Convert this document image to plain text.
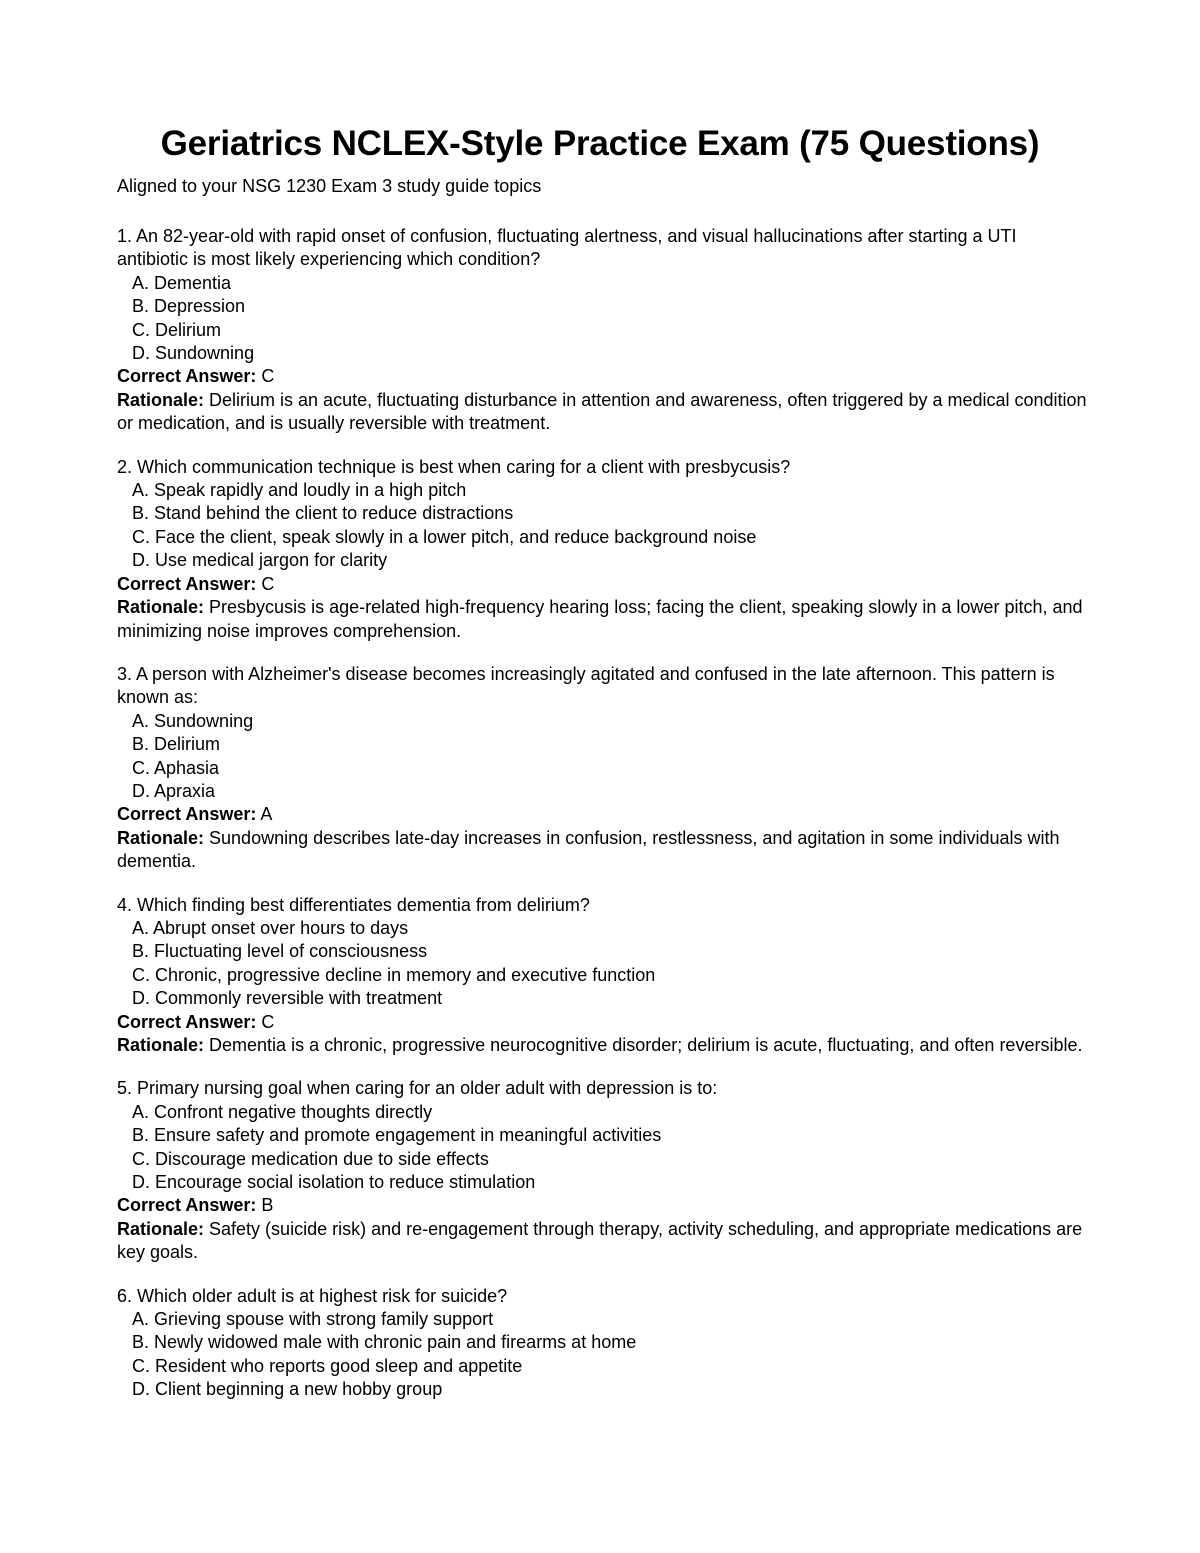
Geriatrics NCLEX-Style Practice Exam (75 Questions)
Aligned to your NSG 1230 Exam 3 study guide topics

1. An 82-year-old with rapid onset of confusion, fluctuating alertness, and visual hallucinations after starting a UTI antibiotic is most likely experiencing which condition?

A. Dementia

B. Depression

C. Delirium

D. Sundowning

Correct Answer: C

Rationale: Delirium is an acute, fluctuating disturbance in attention and awareness, often triggered by a medical condition or medication, and is usually reversible with treatment.

2. Which communication technique is best when caring for a client with presbycusis?

A. Speak rapidly and loudly in a high pitch

B. Stand behind the client to reduce distractions

C. Face the client, speak slowly in a lower pitch, and reduce background noise

D. Use medical jargon for clarity

Correct Answer: C

Rationale: Presbycusis is age-related high-frequency hearing loss; facing the client, speaking slowly in a lower pitch, and minimizing noise improves comprehension.

3. A person with Alzheimer's disease becomes increasingly agitated and confused in the late afternoon. This pattern is known as:

A. Sundowning

B. Delirium

C. Aphasia

D. Apraxia

Correct Answer: A

Rationale: Sundowning describes late-day increases in confusion, restlessness, and agitation in some individuals with dementia.

4. Which finding best differentiates dementia from delirium?

A. Abrupt onset over hours to days

B. Fluctuating level of consciousness

C. Chronic, progressive decline in memory and executive function

D. Commonly reversible with treatment

Correct Answer: C

Rationale: Dementia is a chronic, progressive neurocognitive disorder; delirium is acute, fluctuating, and often reversible.

5. Primary nursing goal when caring for an older adult with depression is to:

A. Confront negative thoughts directly

B. Ensure safety and promote engagement in meaningful activities

C. Discourage medication due to side effects

D. Encourage social isolation to reduce stimulation

Correct Answer: B

Rationale: Safety (suicide risk) and re-engagement through therapy, activity scheduling, and appropriate medications are key goals.

6. Which older adult is at highest risk for suicide?

A. Grieving spouse with strong family support

B. Newly widowed male with chronic pain and firearms at home

C. Resident who reports good sleep and appetite

D. Client beginning a new hobby group
